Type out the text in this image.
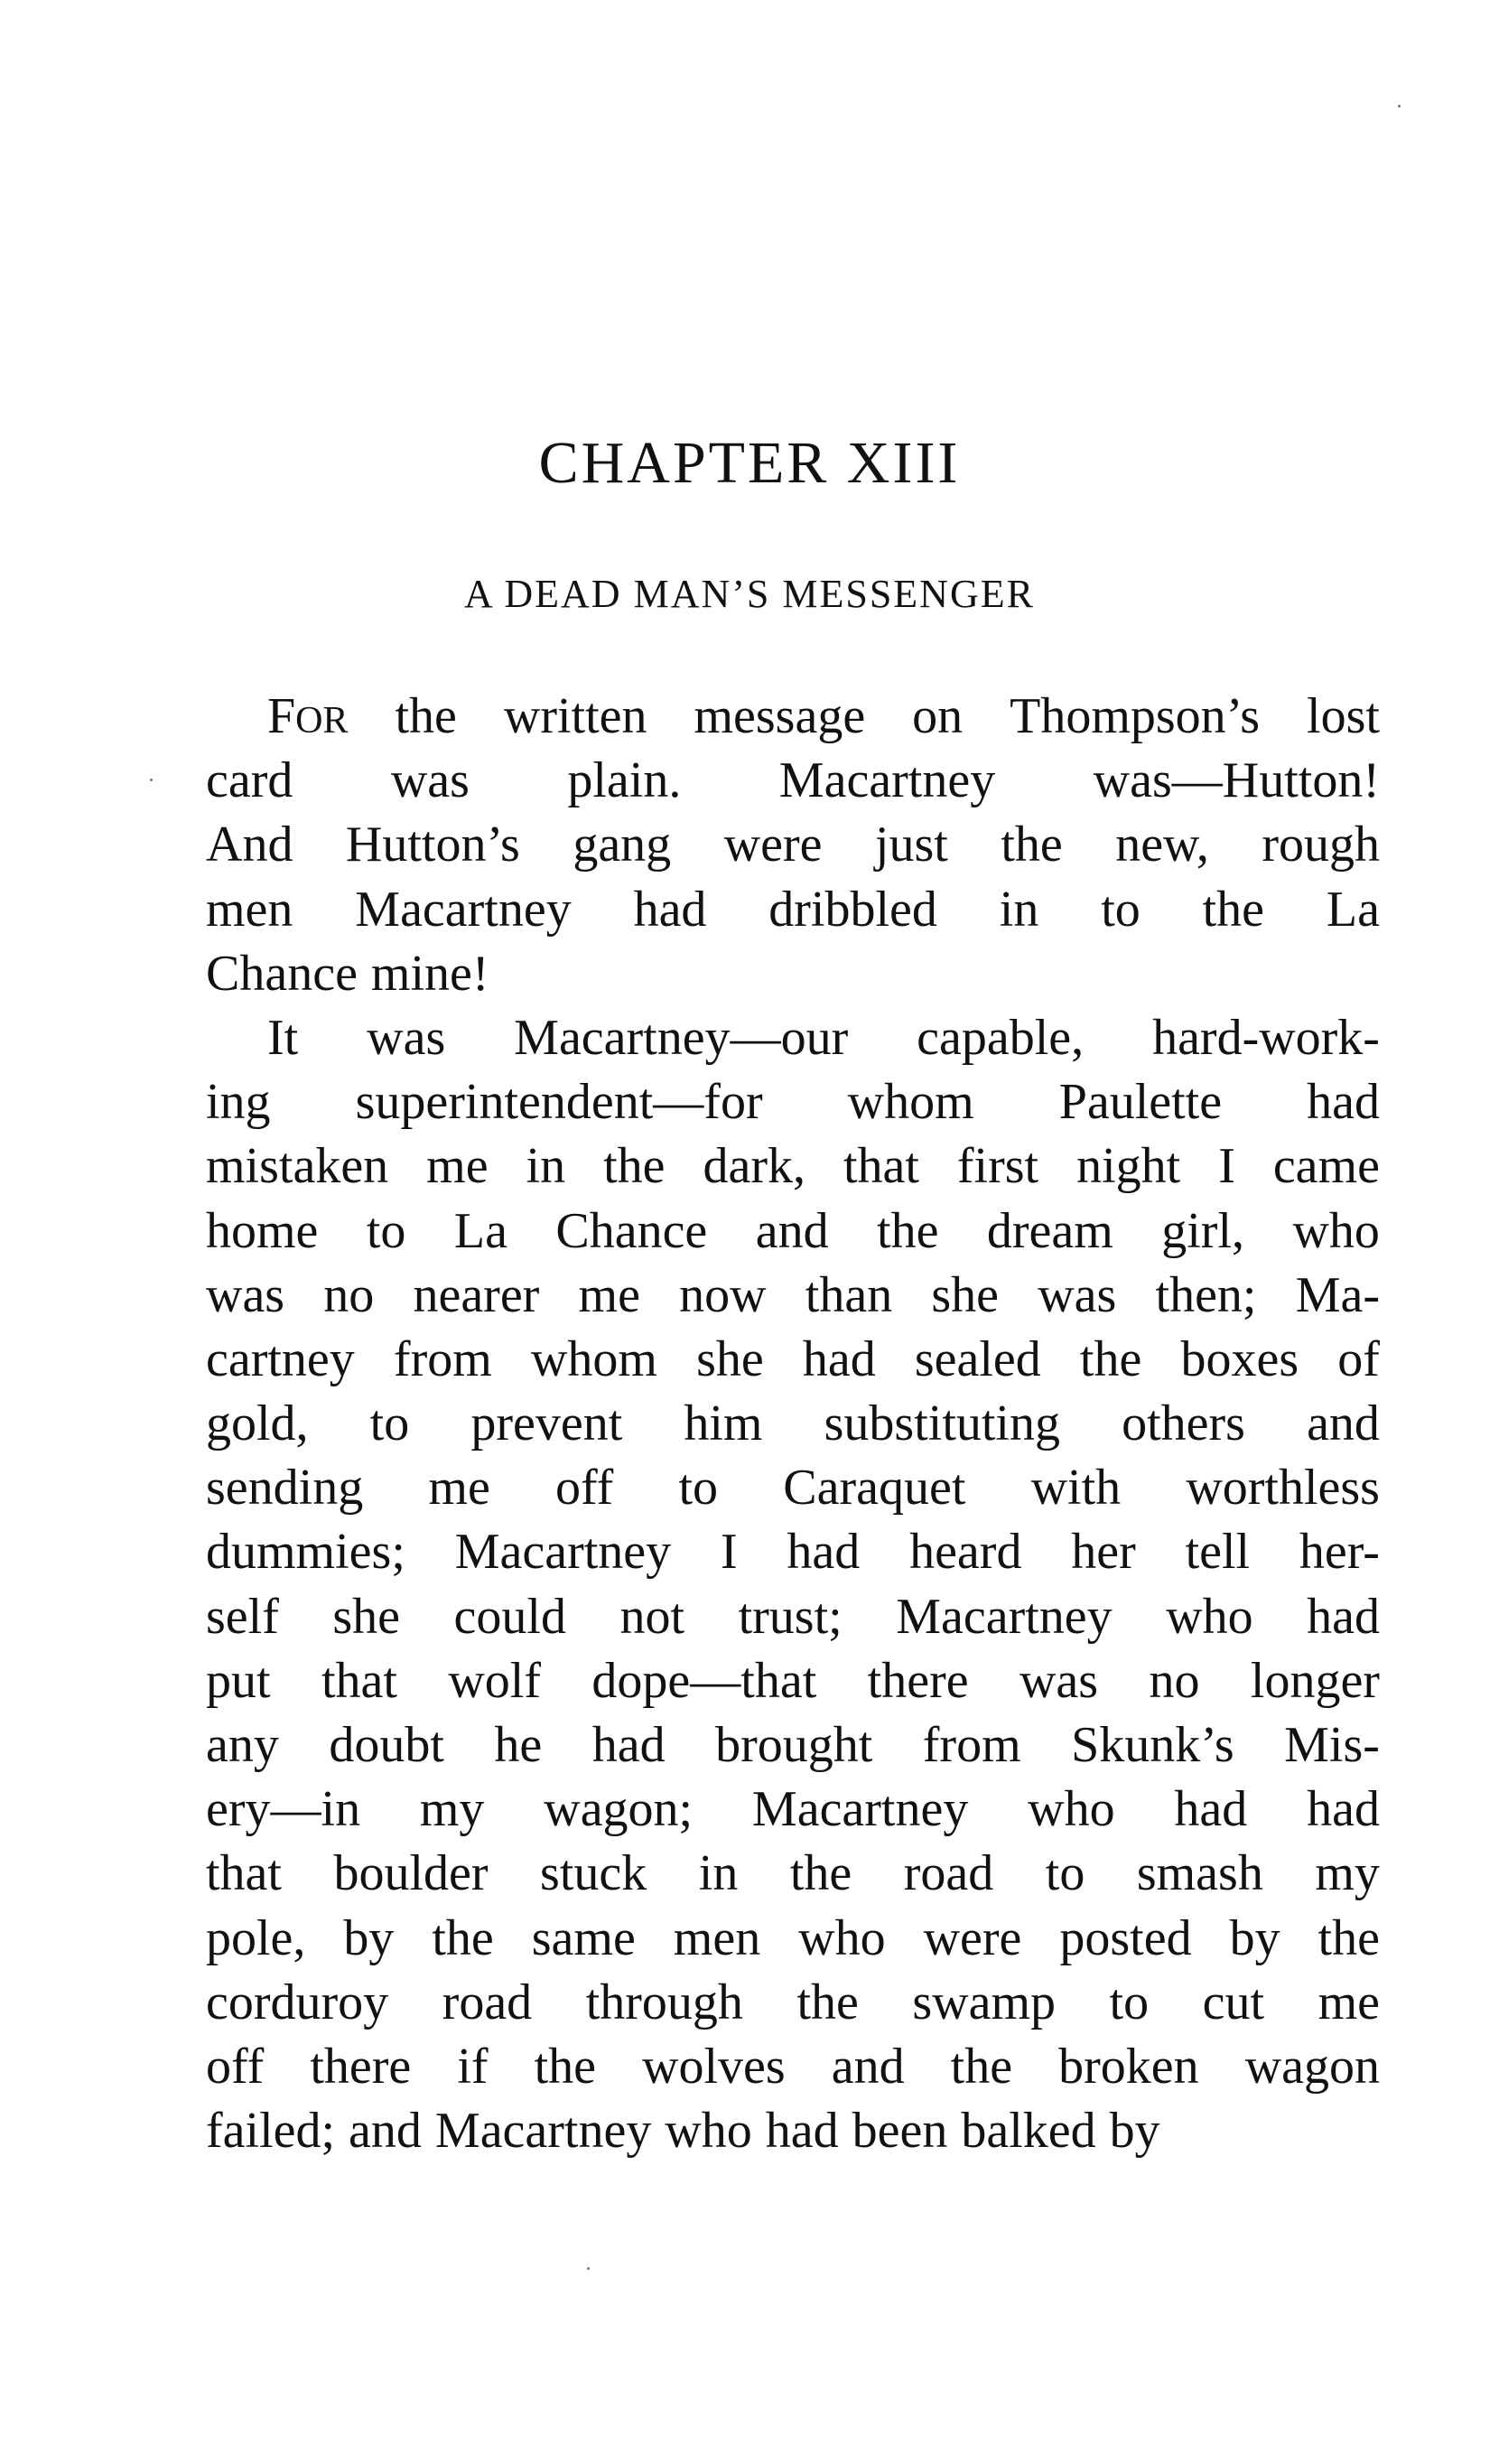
CHAPTER XIII
A DEAD MAN’S MESSENGER
FOR the written message on Thompson’s lost
card was plain. Macartney was—Hutton!
And Hutton’s gang were just the new, rough
men Macartney had dribbled in to the La
Chance mine!
It was Macartney—our capable, hard-work-
ing superintendent—for whom Paulette had
mistaken me in the dark, that first night I came
home to La Chance and the dream girl, who
was no nearer me now than she was then; Ma-
cartney from whom she had sealed the boxes of
gold, to prevent him substituting others and
sending me off to Caraquet with worthless
dummies; Macartney I had heard her tell her-
self she could not trust; Macartney who had
put that wolf dope—that there was no longer
any doubt he had brought from Skunk’s Mis-
ery—in my wagon; Macartney who had had
that boulder stuck in the road to smash my
pole, by the same men who were posted by the
corduroy road through the swamp to cut me
off there if the wolves and the broken wagon
failed; and Macartney who had been balked by
